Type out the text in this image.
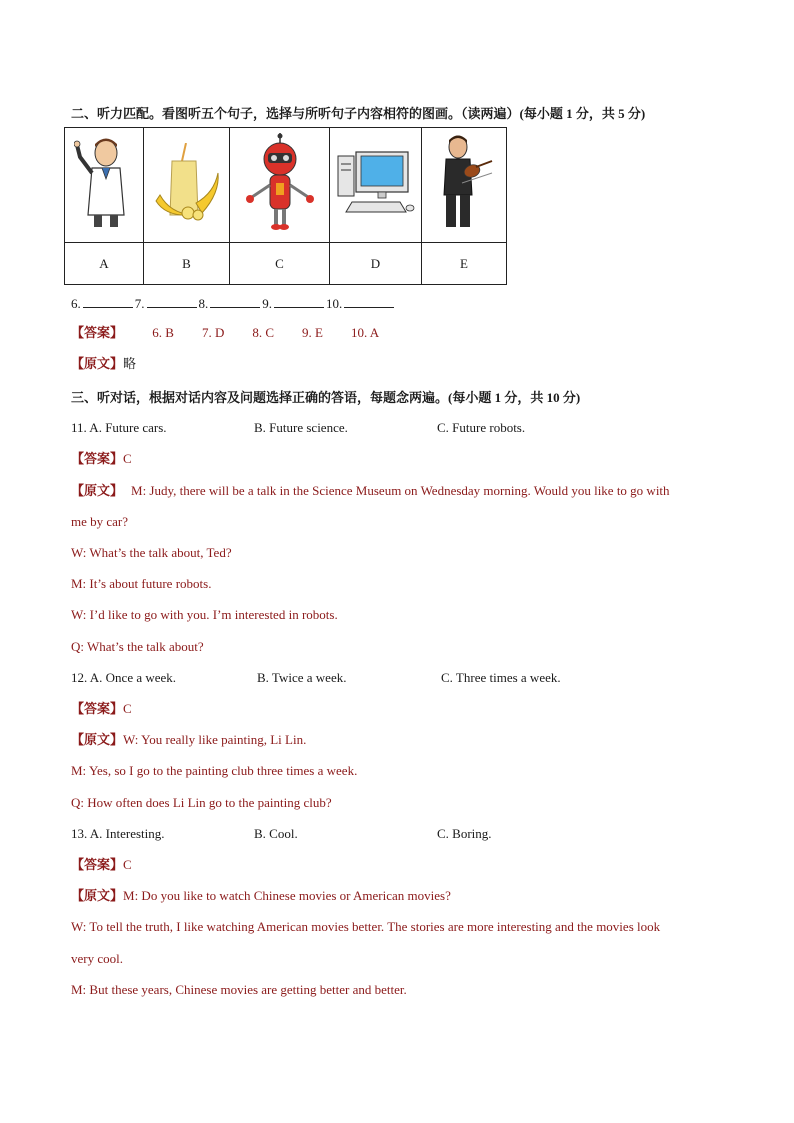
二、听力匹配。看图听五个句子，选择与所听句子内容相符的图画。（读两遍）(每小题 1 分，共 5 分)

A	B	C	D	E
6.	7.	8.	9.	10.
【答案】 6. B 7. D 8. C 9. E 10. A
【原文】略
三、听对话，根据对话内容及问题选择正确的答语，每题念两遍。(每小题 1 分，共 10 分)
11. A. Future cars.	B. Future science.	C. Future robots.
【答案】C
【原文】 M: Judy, there will be a talk in the Science Museum on Wednesday morning. Would you like to go with
me by car?
W: What’s the talk about, Ted?
M: It’s about future robots.
W: I’d like to go with you. I’m interested in robots.
Q: What’s the talk about?
12. A. Once a week.	B. Twice a week.	C. Three times a week.
【答案】C
【原文】W: You really like painting, Li Lin.
M: Yes, so I go to the painting club three times a week.
Q: How often does Li Lin go to the painting club?
13. A. Interesting.	B. Cool.	C. Boring.
【答案】C
【原文】M: Do you like to watch Chinese movies or American movies?
W: To tell the truth, I like watching American movies better. The stories are more interesting and the movies look
very cool.
M: But these years, Chinese movies are getting better and better.
